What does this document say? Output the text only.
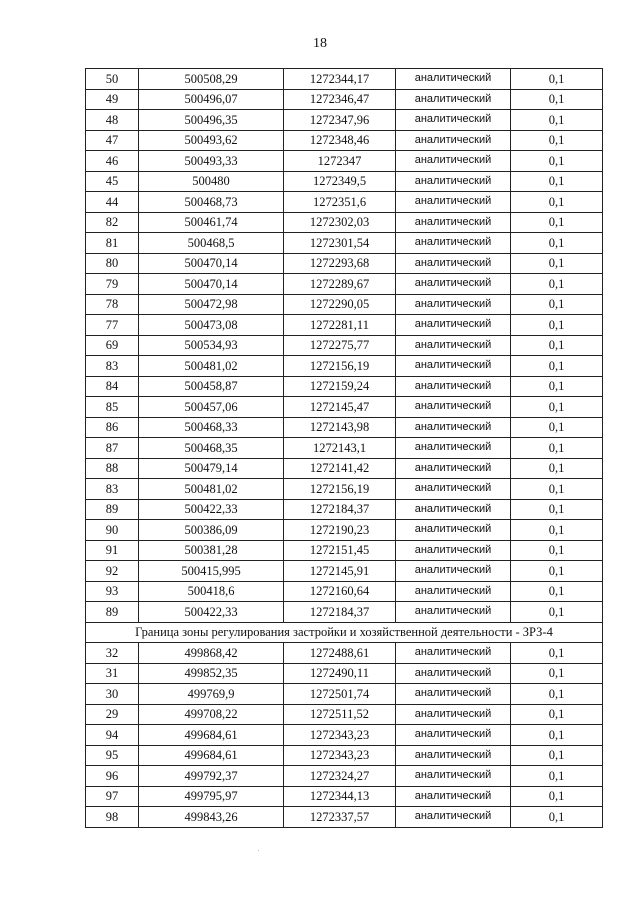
18
50	500508,29	1272344,17	аналитический	0,1
49	500496,07	1272346,47	аналитический	0,1
48	500496,35	1272347,96	аналитический	0,1
47	500493,62	1272348,46	аналитический	0,1
46	500493,33	1272347	аналитический	0,1
45	500480	1272349,5	аналитический	0,1
44	500468,73	1272351,6	аналитический	0,1
82	500461,74	1272302,03	аналитический	0,1
81	500468,5	1272301,54	аналитический	0,1
80	500470,14	1272293,68	аналитический	0,1
79	500470,14	1272289,67	аналитический	0,1
78	500472,98	1272290,05	аналитический	0,1
77	500473,08	1272281,11	аналитический	0,1
69	500534,93	1272275,77	аналитический	0,1
83	500481,02	1272156,19	аналитический	0,1
84	500458,87	1272159,24	аналитический	0,1
85	500457,06	1272145,47	аналитический	0,1
86	500468,33	1272143,98	аналитический	0,1
87	500468,35	1272143,1	аналитический	0,1
88	500479,14	1272141,42	аналитический	0,1
83	500481,02	1272156,19	аналитический	0,1
89	500422,33	1272184,37	аналитический	0,1
90	500386,09	1272190,23	аналитический	0,1
91	500381,28	1272151,45	аналитический	0,1
92	500415,995	1272145,91	аналитический	0,1
93	500418,6	1272160,64	аналитический	0,1
89	500422,33	1272184,37	аналитический	0,1
Граница зоны регулирования застройки и хозяйственной деятельности - ЗРЗ-4				
32	499868,42	1272488,61	аналитический	0,1
31	499852,35	1272490,11	аналитический	0,1
30	499769,9	1272501,74	аналитический	0,1
29	499708,22	1272511,52	аналитический	0,1
94	499684,61	1272343,23	аналитический	0,1
95	499684,61	1272343,23	аналитический	0,1
96	499792,37	1272324,27	аналитический	0,1
97	499795,97	1272344,13	аналитический	0,1
98	499843,26	1272337,57	аналитический	0,1
